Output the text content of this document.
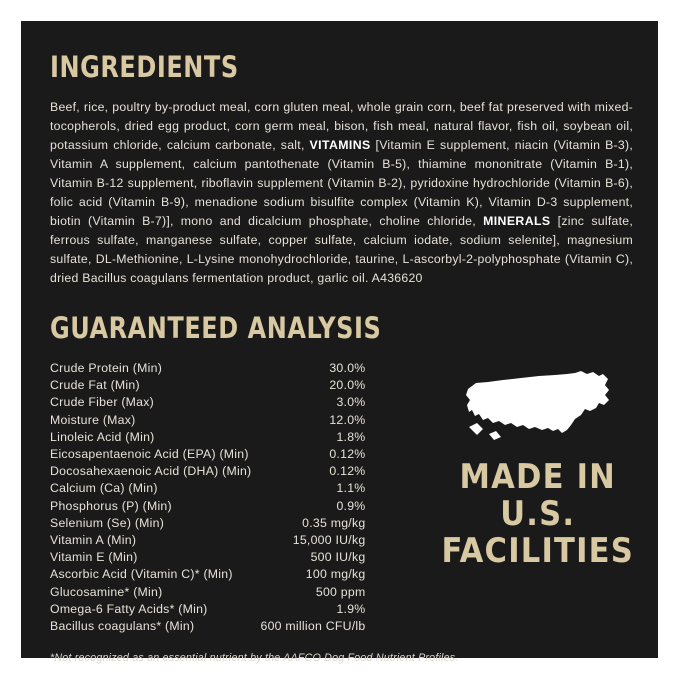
INGREDIENTS
Beef, rice, poultry by-product meal, corn gluten meal, whole grain corn, beef fat preserved with mixed-tocopherols, dried egg product, corn germ meal, bison, fish meal, natural flavor, fish oil, soybean oil, potassium chloride, calcium carbonate, salt, VITAMINS [Vitamin E supplement, niacin (Vitamin B-3), Vitamin A supplement, calcium pantothenate (Vitamin B-5), thiamine mononitrate (Vitamin B-1), Vitamin B-12 supplement, riboflavin supplement (Vitamin B-2), pyridoxine hydrochloride (Vitamin B-6), folic acid (Vitamin B-9), menadione sodium bisulfite complex (Vitamin K), Vitamin D-3 supplement, biotin (Vitamin B-7)], mono and dicalcium phosphate, choline chloride, MINERALS [zinc sulfate, ferrous sulfate, manganese sulfate, copper sulfate, calcium iodate, sodium selenite], magnesium sulfate, DL-Methionine, L-Lysine monohydrochloride, taurine, L-ascorbyl-2-polyphosphate (Vitamin C), dried Bacillus coagulans fermentation product, garlic oil. A436620
GUARANTEED ANALYSIS
Crude Protein (Min)	30.0%
Crude Fat (Min)	20.0%
Crude Fiber (Max)	3.0%
Moisture (Max)	12.0%
Linoleic Acid (Min)	1.8%
Eicosapentaenoic Acid (EPA) (Min)	0.12%
Docosahexaenoic Acid (DHA) (Min)	0.12%
Calcium (Ca) (Min)	1.1%
Phosphorus (P) (Min)	0.9%
Selenium (Se) (Min)	0.35 mg/kg
Vitamin A (Min)	15,000 IU/kg
Vitamin E (Min)	500 IU/kg
Ascorbic Acid (Vitamin C)* (Min)	100 mg/kg
Glucosamine* (Min)	500 ppm
Omega-6 Fatty Acids* (Min)	1.9%
Bacillus coagulans* (Min)	600 million CFU/lb
MADE IN
U.S.
FACILITIES
*Not recognized as an essential nutrient by the AAFCO Dog Food Nutrient Profiles.
